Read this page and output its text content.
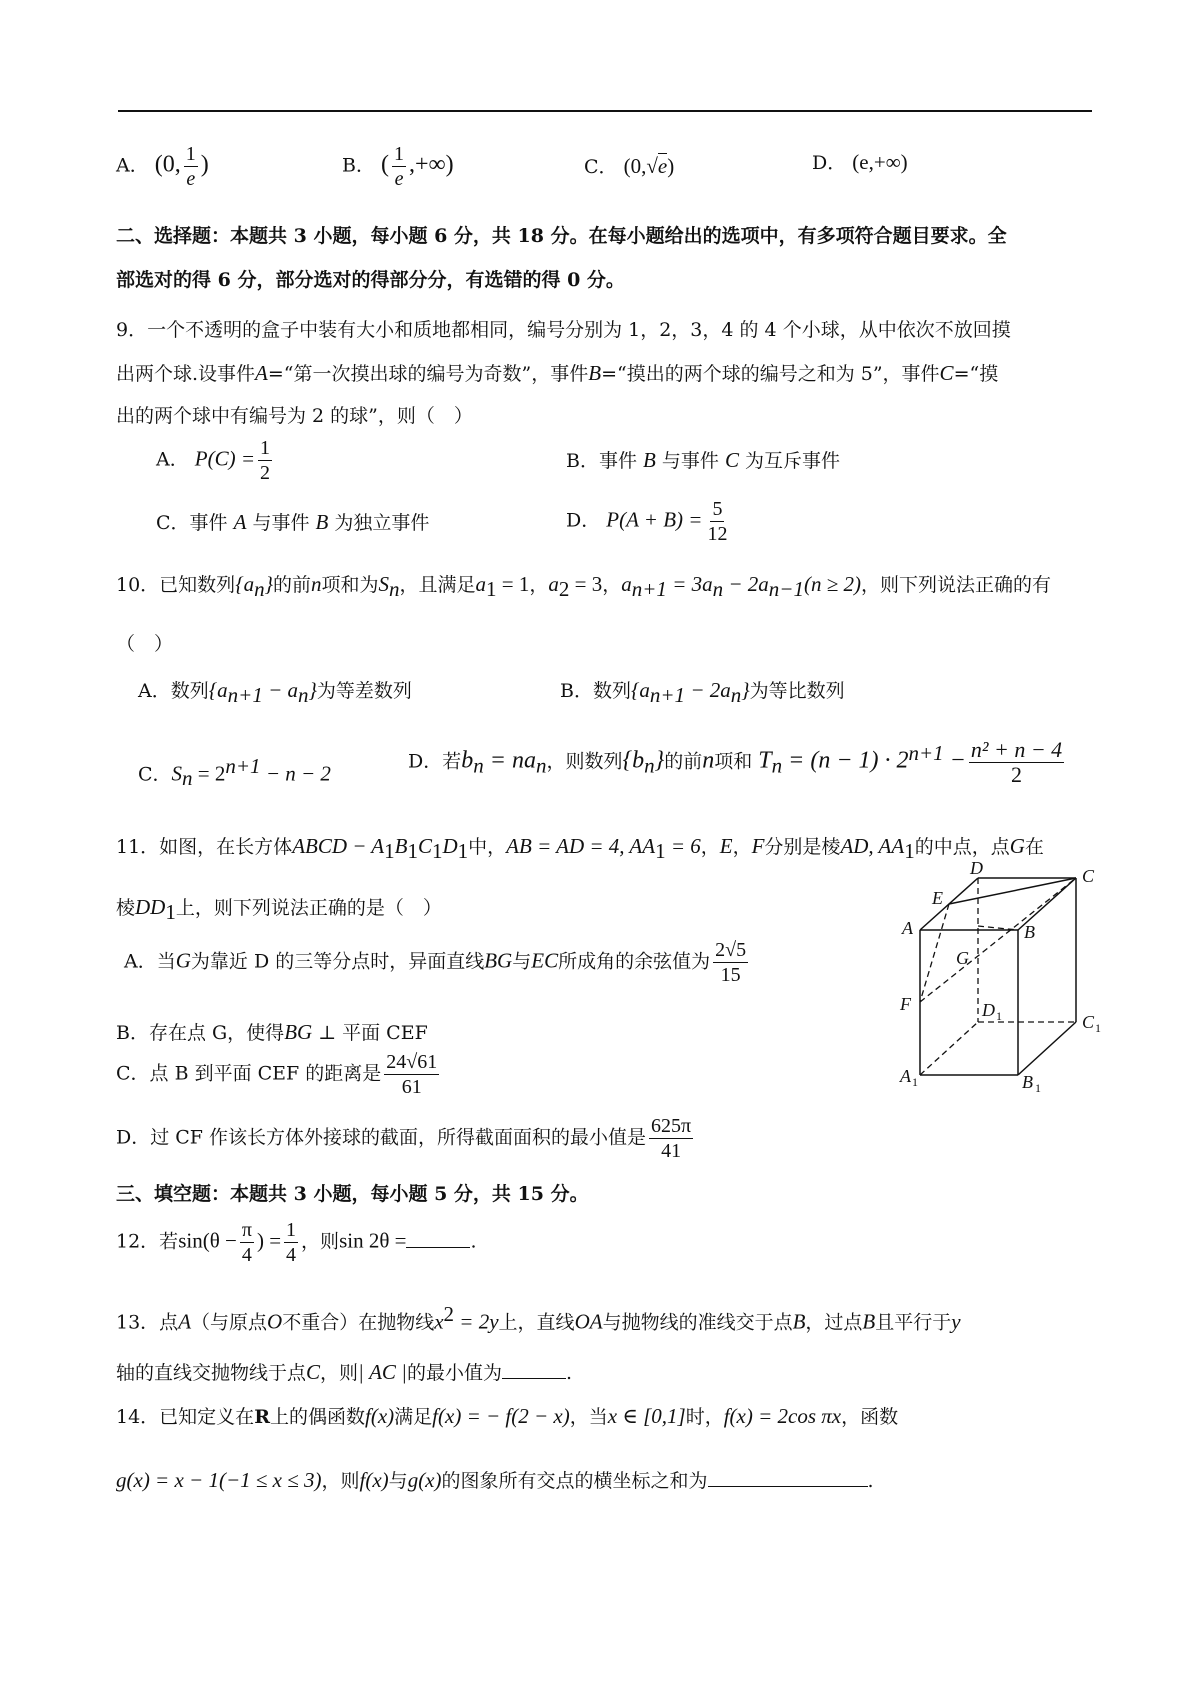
A． (0, $\frac{1}{e}$ )	B． ( $\frac{1}{e}$ ,+∞)	C． (0,√e)	D． (e,+∞)
二、选择题：本题共 3 小题，每小题 6 分，共 18 分。在每小题给出的选项中，有多项符合题目要求。全
部选对的得 6 分，部分选对的得部分分，有选错的得 0 分。
9．一个不透明的盒子中装有大小和质地都相同，编号分别为 1，2，3，4 的 4 个小球，从中依次不放回摸
出两个球.设事件A=“第一次摸出球的编号为奇数”，事件B=“摸出的两个球的编号之和为 5”，事件C=“摸
出的两个球中有编号为 2 的球”，则（　）
A． $P(C) = \frac{1}{2}$	B．事件 B 与事件 C 为互斥事件
C．事件 A 与事件 B 为独立事件	D． $P(A + B) = \frac{5}{12}$
10．已知数列$\{a_n\}$的前n项和为$S_n$，且满足$a_1 = 1$，$a_2 = 3$，$a_{n+1} = 3a_n - 2a_{n-1}(n \ge 2)$，则下列说法正确的有
（　）
A．数列$\{a_{n+1} - a_n\}$为等差数列	B．数列$\{a_{n+1} - 2a_n\}$为等比数列
C．$S_n = 2^{n+1} - n - 2$	D．若$b_n = na_n$，则数列$\{b_n\}$的前n项和 $T_n = (n - 1) \cdot 2^{n+1} - \frac{\text{n² + n − 4}}{2}$
11．如图，在长方体ABCD − $A_1B_1C_1D_1$中，AB = AD = 4, $AA_1 = 6$，E，F分别是棱AD, $AA_1$的中点，点G在
棱$DD_1$上，则下列说法正确的是（　）
A．当G为靠近 D 的三等分点时，异面直线BG与EC所成角的余弦值为 $\frac{2√5}{15}$
B．存在点 G，使得BG ⊥ 平面 CEF
C．点 B 到平面 CEF 的距离是 $\frac{24√61}{61}$
D．过 CF 作该长方体外接球的截面，所得截面面积的最小值是 $\frac{625\pi}{41}$
D	C
E
A	B
G
F	D 1	C 1
A 1	B 1
三、填空题：本题共 3 小题，每小题 5 分，共 15 分。
12．若$\sin(\theta - \frac{\pi}{4}$ ) = $\frac{1}{4}$ ，则sin 2θ =	.
13．点A（与原点O不重合）在抛物线$x^2 = 2y$上，直线OA与抛物线的准线交于点B，过点B且平行于y
轴的直线交抛物线于点C，则| AC |的最小值为	.
14．已知定义在R上的偶函数f(x)满足f(x) = − f(2 − x)，当x ∈ [0,1]时，f(x) = 2cos πx，函数
g(x) = x − 1(−1 ≤ x ≤ 3)，则f(x)与g(x)的图象所有交点的横坐标之和为	.
